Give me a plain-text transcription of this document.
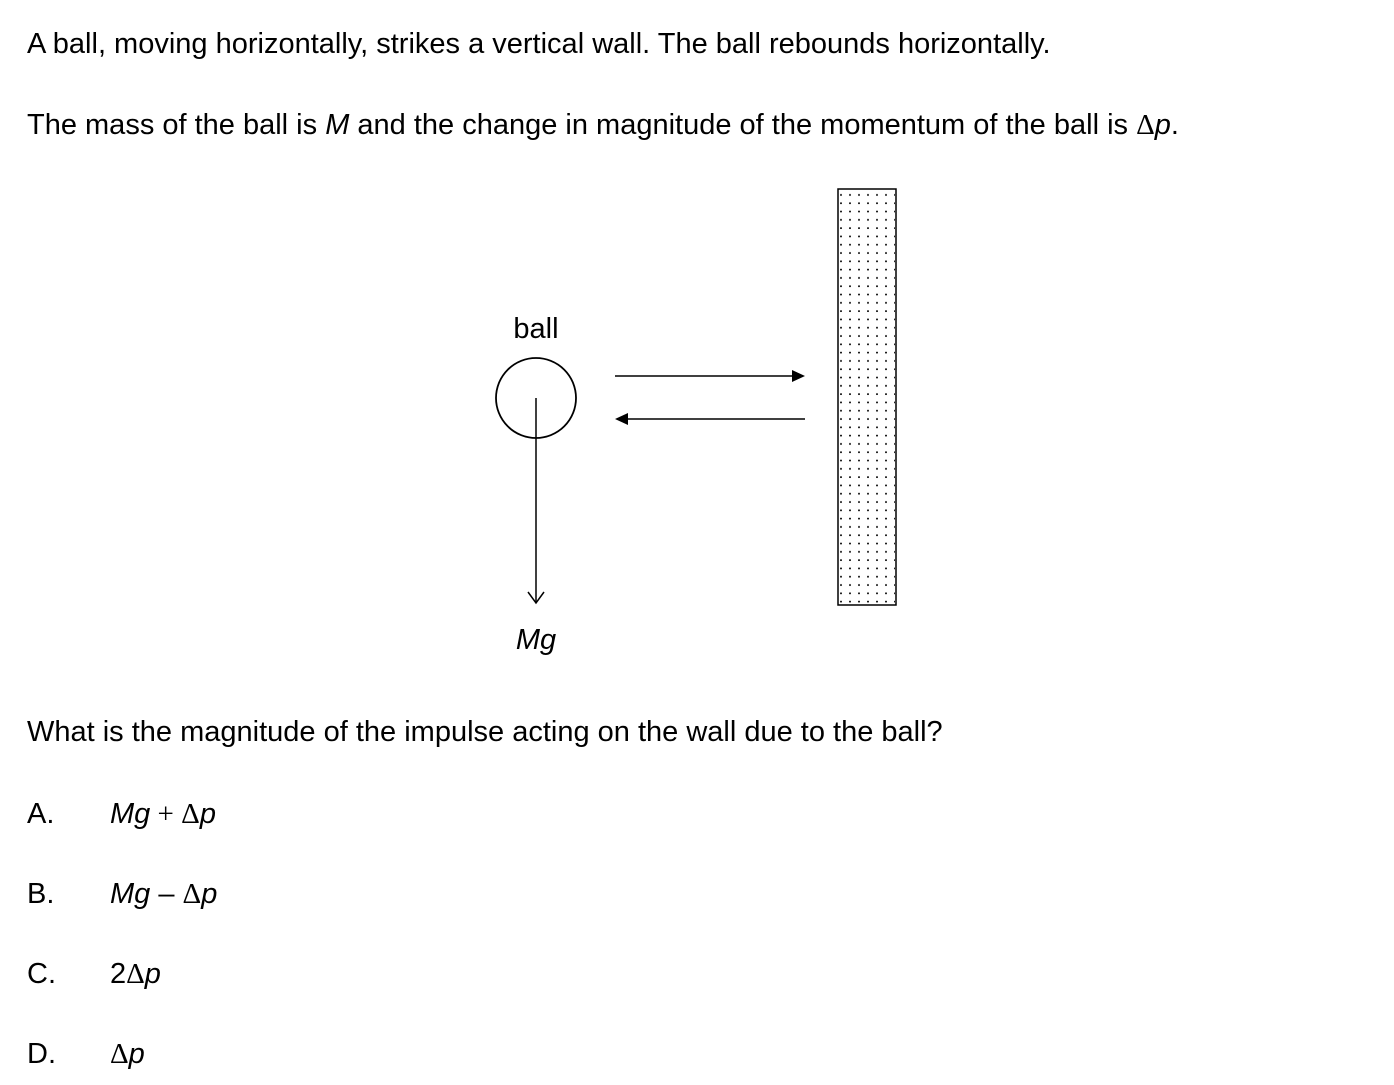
A ball, moving horizontally, strikes a vertical wall. The ball rebounds horizontally.
The mass of the ball is M and the change in magnitude of the momentum of the ball is Δp.
ball
Mg
What is the magnitude of the impulse acting on the wall due to the ball?
A. Mg + Δp
B. Mg – Δp
C. 2Δp
D. Δp
